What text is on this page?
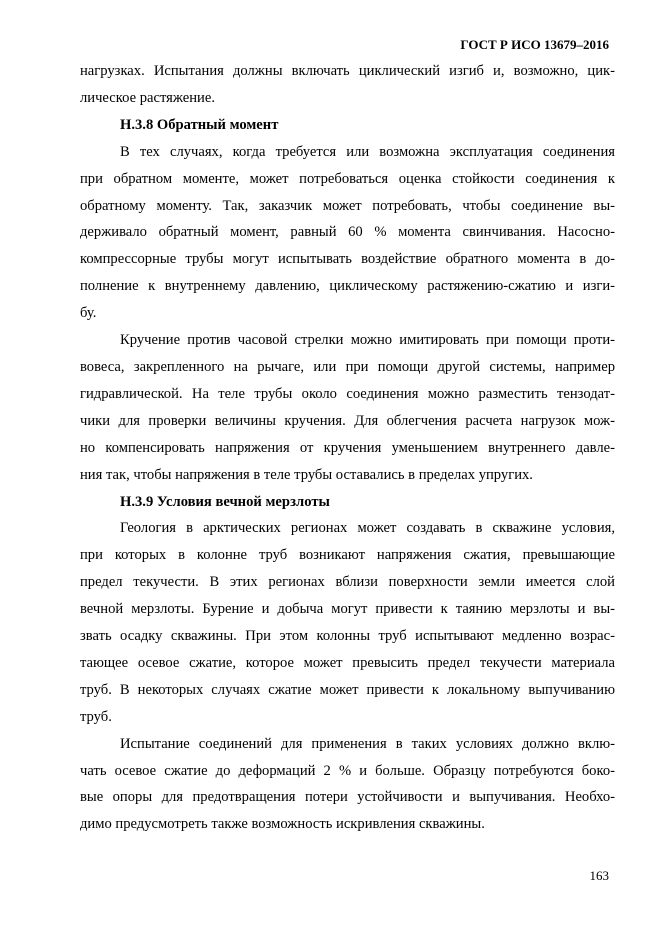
ГОСТ Р ИСО 13679–2016

нагрузках. Испытания должны включать циклический изгиб и, возможно, цик-
лическое растяжение.

Н.3.8 Обратный момент

В тех случаях, когда требуется или возможна эксплуатация соединения
при обратном моменте, может потребоваться оценка стойкости соединения к
обратному моменту. Так, заказчик может потребовать, чтобы соединение вы-
держивало обратный момент, равный 60 % момента свинчивания. Насосно-
компрессорные трубы могут испытывать воздействие обратного момента в до-
полнение к внутреннему давлению, циклическому растяжению-сжатию и изги-
бу.

Кручение против часовой стрелки можно имитировать при помощи проти-
вовеса, закрепленного на рычаге, или при помощи другой системы, например
гидравлической. На теле трубы около соединения можно разместить тензодат-
чики для проверки величины кручения. Для облегчения расчета нагрузок мож-
но компенсировать напряжения от кручения уменьшением внутреннего давле-
ния так, чтобы напряжения в теле трубы оставались в пределах упругих.

Н.3.9 Условия вечной мерзлоты

Геология в арктических регионах может создавать в скважине условия,
при которых в колонне труб возникают напряжения сжатия, превышающие
предел текучести. В этих регионах вблизи поверхности земли имеется слой
вечной мерзлоты. Бурение и добыча могут привести к таянию мерзлоты и вы-
звать осадку скважины. При этом колонны труб испытывают медленно возрас-
тающее осевое сжатие, которое может превысить предел текучести материала
труб. В некоторых случаях сжатие может привести к локальному выпучиванию
труб.

Испытание соединений для применения в таких условиях должно вклю-
чать осевое сжатие до деформаций 2 % и больше. Образцу потребуются боко-
вые опоры для предотвращения потери устойчивости и выпучивания. Необхо-
димо предусмотреть также возможность искривления скважины.

163
